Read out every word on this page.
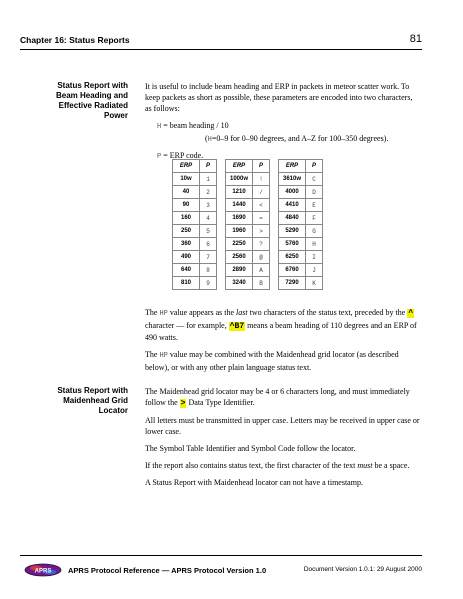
Chapter 16: Status Reports	81
Status Report with
Beam Heading and
Effective Radiated
Power

It is useful to include beam heading and ERP in packets in meteor scatter work. To keep packets as short as possible, these parameters are encoded into two characters, as follows:

H = beam heading / 10

(H=0–9 for 0–90 degrees, and A–Z for 100–350 degrees).

P = ERP code.

ERP	P
10w	1
40	2
90	3
160	4
250	5
360	6
490	7
640	8
810	9
ERP	P
1000w	!
1210	/
1440	<
1690	=
1960	>
2250	?
2560	@
2890	A
3240	B
ERP	P
3610w	C
4000	D
4410	E
4840	F
5290	G
5760	H
6250	I
6760	J
7290	K

The HP value appears as the last two characters of the status text, preceded by the ^ character — for example, ^B7 means a beam heading of 110 degrees and an ERP of 490 watts.

The HP value may be combined with the Maidenhead grid locator (as described below), or with any other plain language status text.

Status Report with
Maidenhead Grid
Locator

The Maidenhead grid locator may be 4 or 6 characters long, and must immediately follow the > Data Type Identifier.

All letters must be transmitted in upper case. Letters may be received in upper case or lower case.

The Symbol Table Identifier and Symbol Code follow the locator.

If the report also contains status text, the first character of the text must be a space.

A Status Report with Maidenhead locator can not have a timestamp.

APRS APRS Protocol Reference — APRS Protocol Version 1.0	Document Version 1.0.1: 29 August 2000
